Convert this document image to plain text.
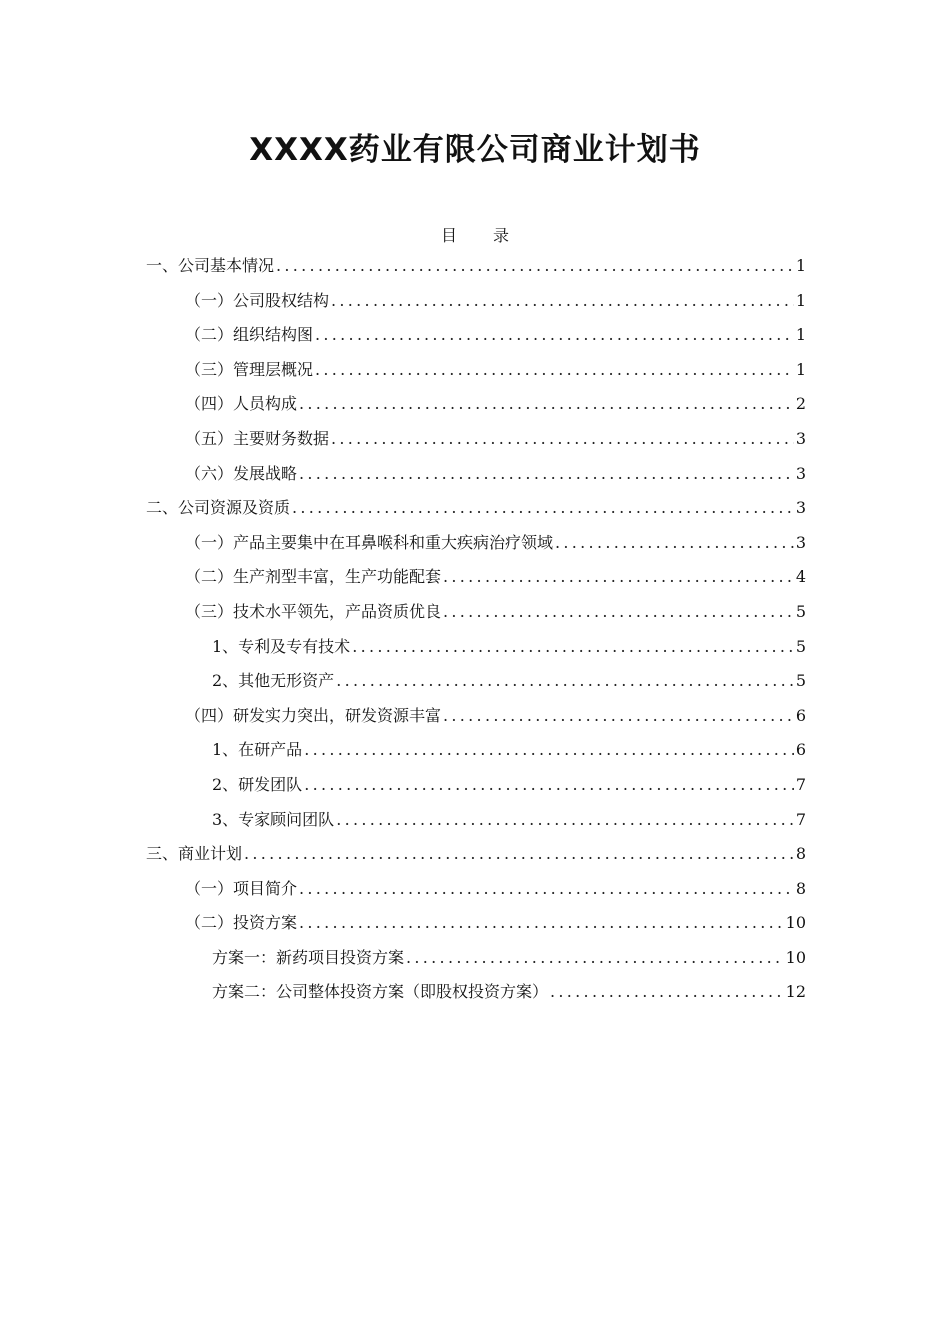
XXXX药业有限公司商业计划书
目 录
一、公司基本情况 .....	1
（一）公司股权结构 .....	1
（二）组织结构图 .....	1
（三）管理层概况 .....	1
（四）人员构成 .....	2
（五）主要财务数据 .....	3
（六）发展战略 .....	3
二、公司资源及资质 .....	3
（一）产品主要集中在耳鼻喉科和重大疾病治疗领域 .....	3
（二）生产剂型丰富，生产功能配套 .....	4
（三）技术水平领先，产品资质优良 .....	5
1、专利及专有技术 .....	5
2、其他无形资产 .....	5
（四）研发实力突出，研发资源丰富 .....	6
1、在研产品 .....	6
2、研发团队 .....	7
3、专家顾问团队 .....	7
三、商业计划 .....	8
（一）项目简介 .....	8
（二）投资方案 .....	10
方案一：新药项目投资方案 .....	10
方案二：公司整体投资方案（即股权投资方案） .....	12
